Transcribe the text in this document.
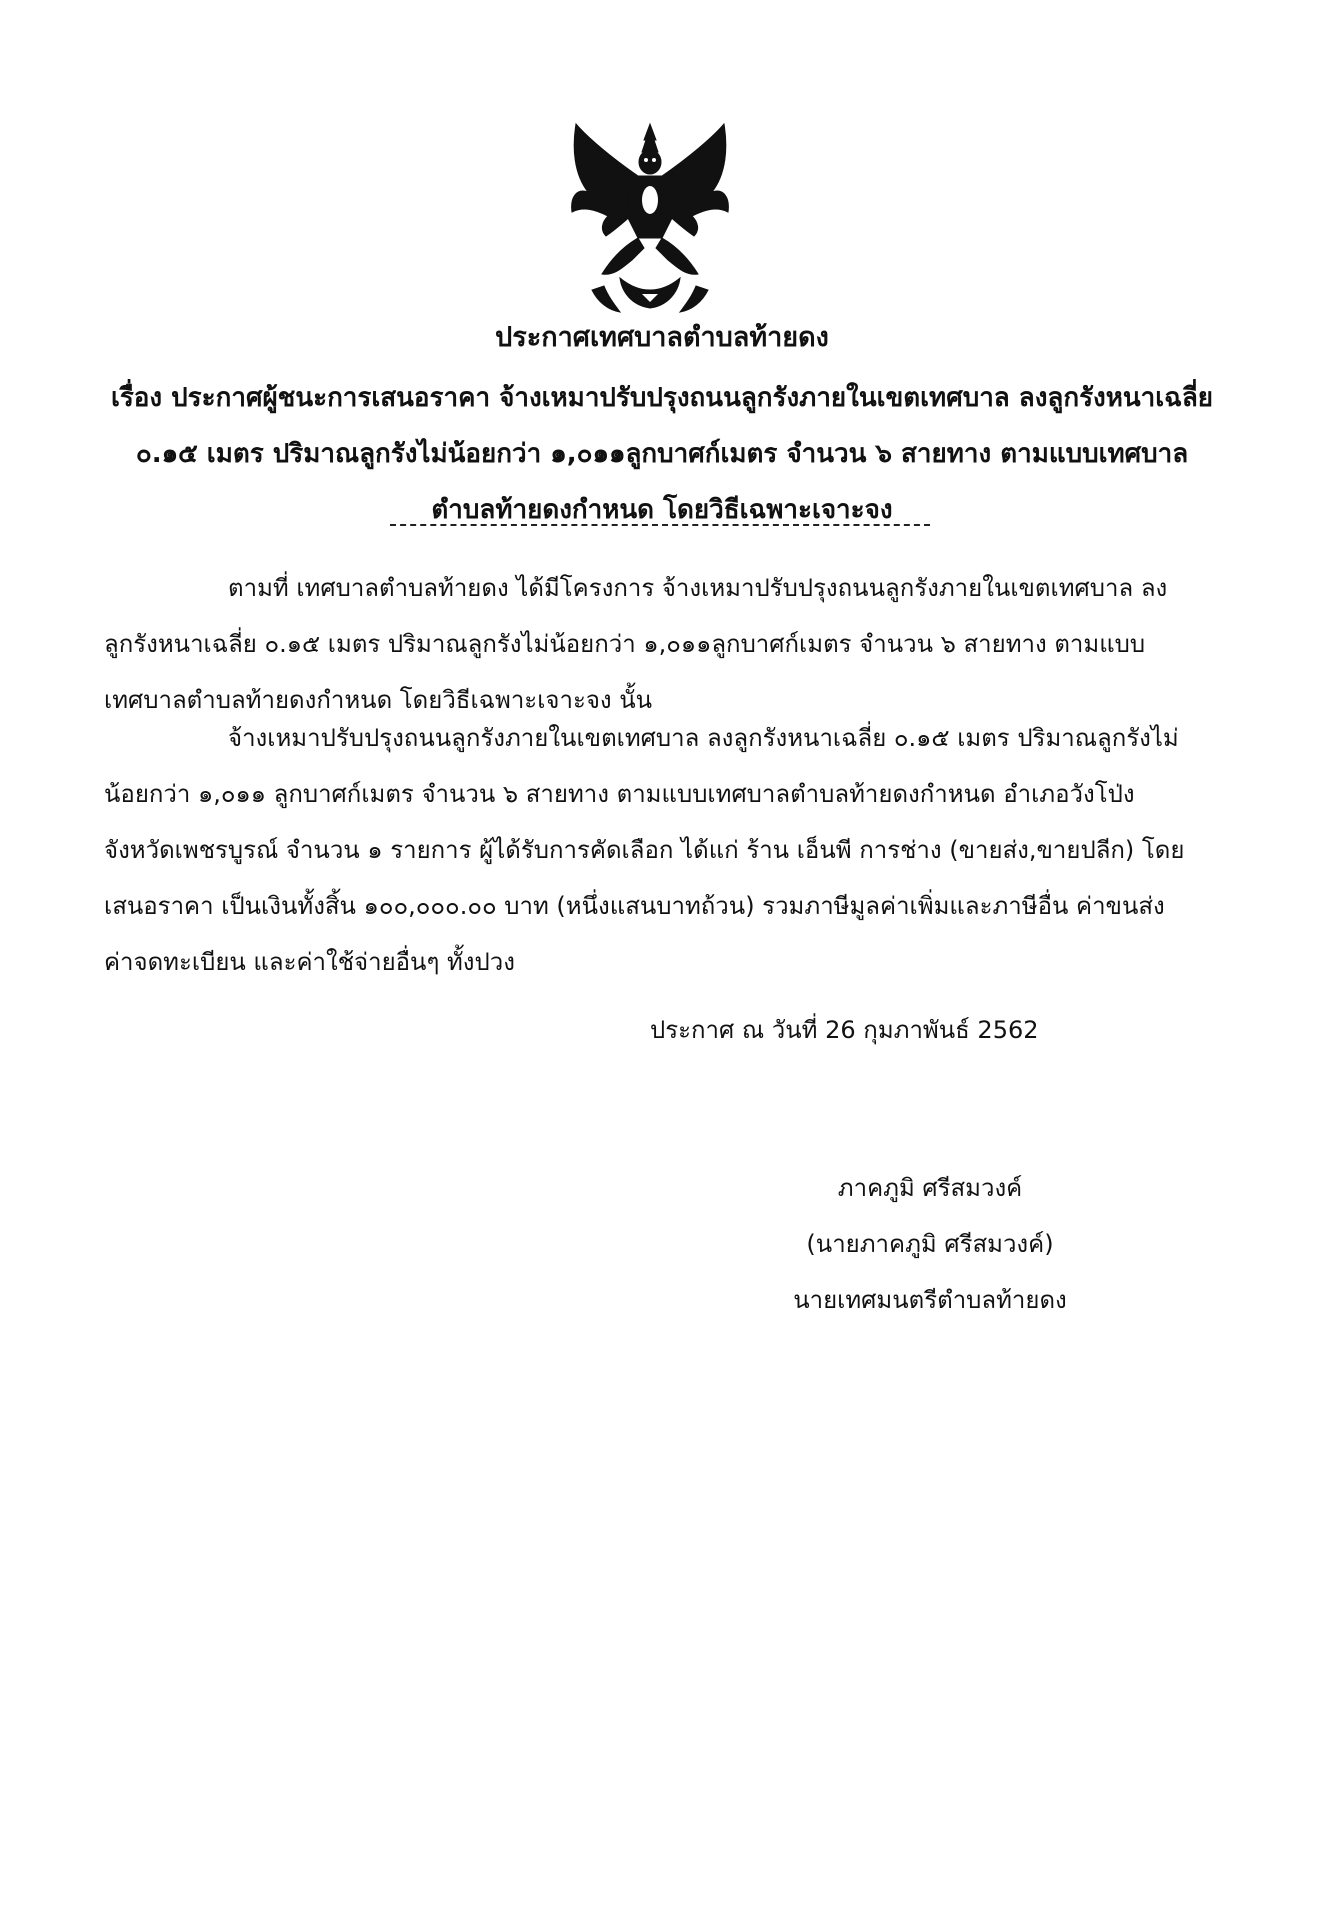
ประกาศเทศบาลตำบลท้ายดง
เรื่อง ประกาศผู้ชนะการเสนอราคา จ้างเหมาปรับปรุงถนนลูกรังภายในเขตเทศบาล ลงลูกรังหนาเฉลี่ย ๐.๑๕ เมตร ปริมาณลูกรังไม่น้อยกว่า ๑,๐๑๑ลูกบาศก์เมตร จำนวน ๖ สายทาง ตามแบบเทศบาลตำบลท้ายดงกำหนด โดยวิธีเฉพาะเจาะจง
ตามที่ เทศบาลตำบลท้ายดง ได้มีโครงการ จ้างเหมาปรับปรุงถนนลูกรังภายในเขตเทศบาล ลงลูกรังหนาเฉลี่ย ๐.๑๕ เมตร ปริมาณลูกรังไม่น้อยกว่า ๑,๐๑๑ลูกบาศก์เมตร จำนวน ๖ สายทาง ตามแบบเทศบาลตำบลท้ายดงกำหนด โดยวิธีเฉพาะเจาะจง นั้น
จ้างเหมาปรับปรุงถนนลูกรังภายในเขตเทศบาล ลงลูกรังหนาเฉลี่ย ๐.๑๕ เมตร ปริมาณลูกรังไม่น้อยกว่า ๑,๐๑๑ ลูกบาศก์เมตร จำนวน ๖ สายทาง ตามแบบเทศบาลตำบลท้ายดงกำหนด อำเภอวังโป่ง จังหวัดเพชรบูรณ์ จำนวน ๑ รายการ ผู้ได้รับการคัดเลือก ได้แก่ ร้าน เอ็นพี การช่าง (ขายส่ง,ขายปลีก) โดยเสนอราคา เป็นเงินทั้งสิ้น ๑๐๐,๐๐๐.๐๐ บาท (หนึ่งแสนบาทถ้วน) รวมภาษีมูลค่าเพิ่มและภาษีอื่น ค่าขนส่ง ค่าจดทะเบียน และค่าใช้จ่ายอื่นๆ ทั้งปวง
ประกาศ ณ วันที่ 26 กุมภาพันธ์ 2562
ภาคภูมิ ศรีสมวงค์
(นายภาคภูมิ ศรีสมวงค์)
นายเทศมนตรีตำบลท้ายดง
